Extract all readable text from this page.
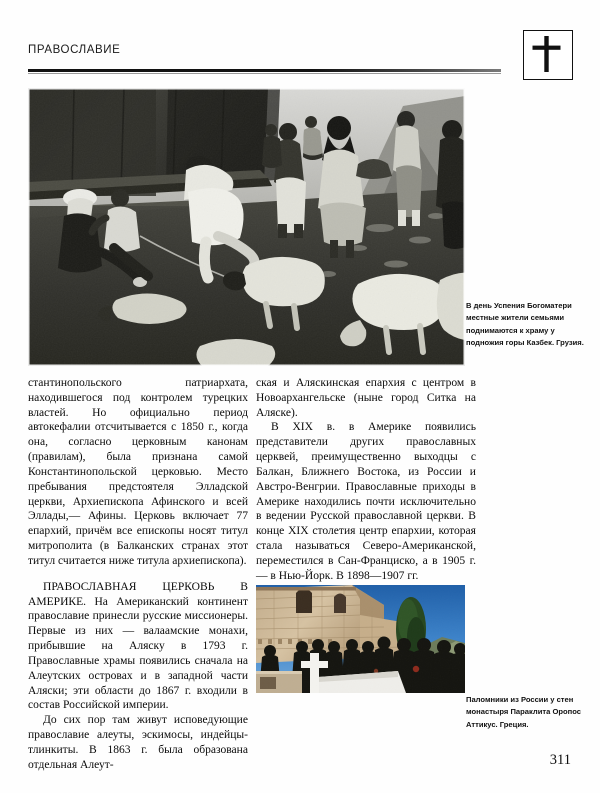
ПРАВОСЛАВИЕ
В день Успения Богоматери местные жители семьями поднимаются к храму у подножия горы Казбек. Грузия.

стантинопольского патриархата, находившегося под контролем турецких властей. Но официально период автокефалии отсчитывается с 1850 г., когда она, согласно церковным канонам (правилам), была признана самой Константинопольской церковью. Место пребывания предстоятеля Элладской церкви, Архиепископа Афинского и всей Эллады,— Афины. Церковь включает 77 епархий, причём все епископы носят титул митрополита (в Балканских странах этот титул считается ниже титула архиепископа).

ПРАВОСЛАВНАЯ ЦЕРКОВЬ В АМЕРИКЕ. На Американский континент православие принесли русские миссионеры. Первые из них — валаамские монахи, прибывшие на Аляску в 1793 г. Православные храмы появились сначала на Алеутских островах и в западной части Аляски; эти области до 1867 г. входили в состав Российской империи.

До сих пор там живут исповедующие православие алеуты, эскимосы, индейцы-тлинкиты. В 1863 г. была образована отдельная Алеут-

ская и Аляскинская епархия с центром в Новоархангельске (ныне город Ситка на Аляске).

В XIX в. в Америке появились представители других православных церквей, преимущественно выходцы с Балкан, Ближнего Востока, из России и Австро-Венгрии. Православные приходы в Америке находились почти исключительно в ведении Русской православной церкви. В конце XIX столетия центр епархии, которая стала называться Северо-Американской, переместился в Сан-Франциско, а в 1905 г. — в Нью-Йорк. В 1898—1907 гг.

Паломники из России у стен монастыря Параклита Оропос Аттикус. Греция.
311
